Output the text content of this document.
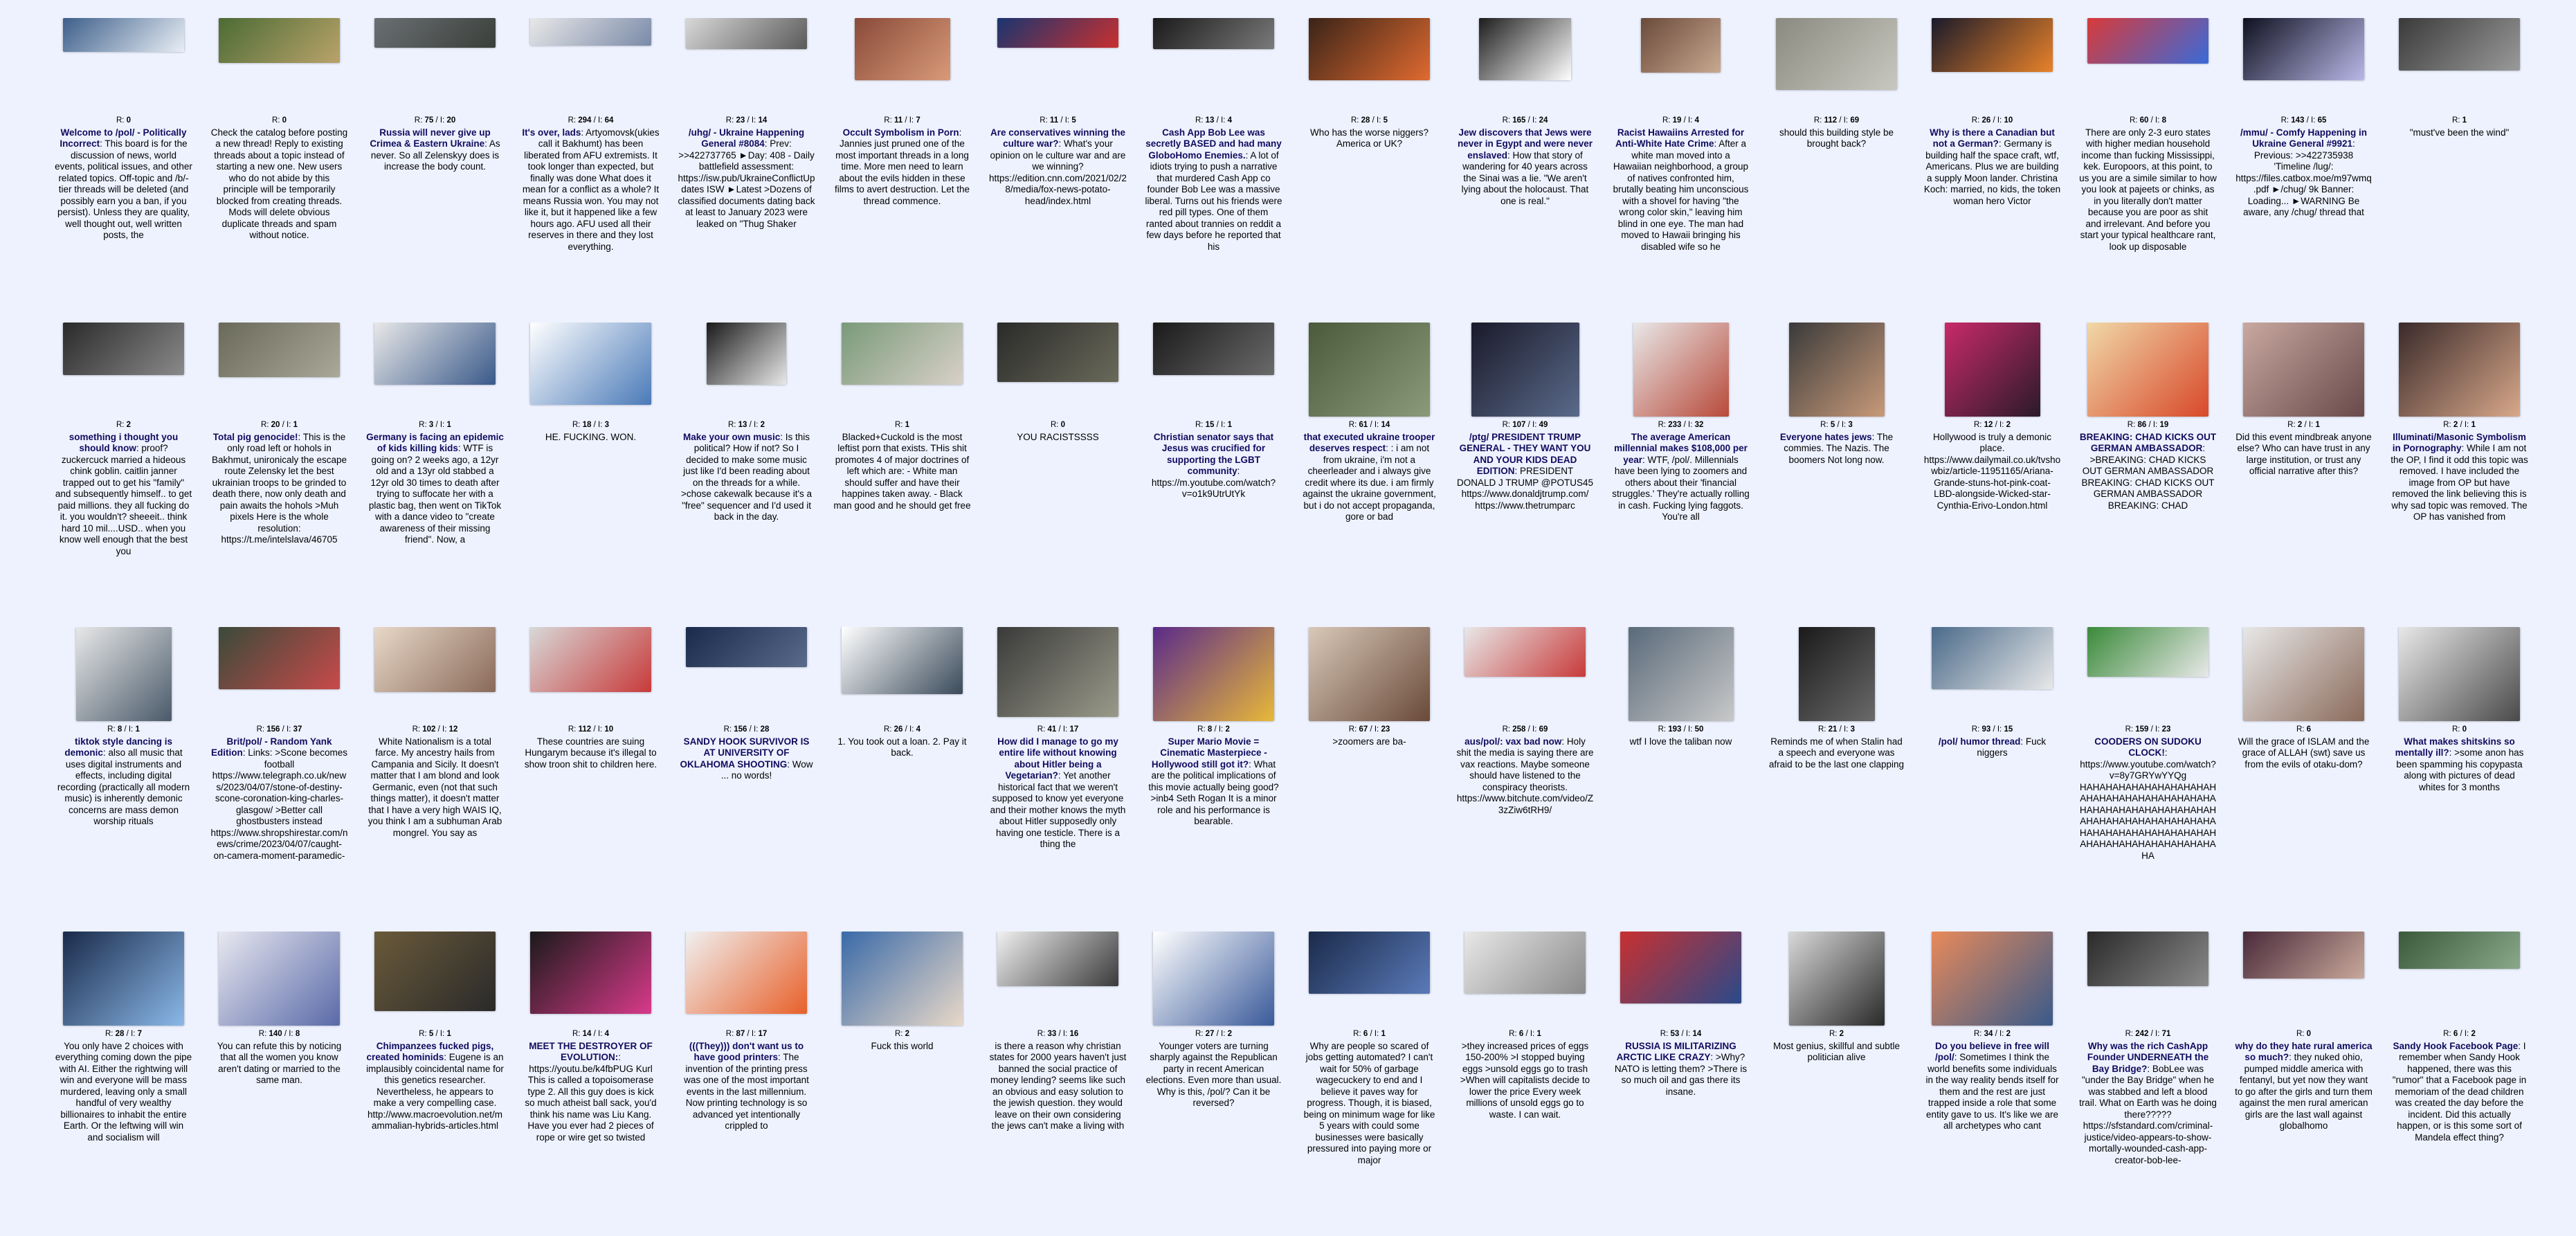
R: 0
Welcome to /pol/ - Politically Incorrect: This board is for the discussion of news, world events, political issues, and other related topics. Off-topic and /b/-tier threads will be deleted (and possibly earn you a ban, if you persist). Unless they are quality, well thought out, well written posts, the
R: 0
Check the catalog before posting a new thread! Reply to existing threads about a topic instead of starting a new one. New users who do not abide by this principle will be temporarily blocked from creating threads. Mods will delete obvious duplicate threads and spam without notice.
R: 75 / I: 20
Russia will never give up Crimea & Eastern Ukraine: As never. So all Zelenskyy does is increase the body count.
R: 294 / I: 64
It's over, lads: Artyomovsk(ukies call it Bakhumt) has been liberated from AFU extremists. It took longer than expected, but finally was done What does it mean for a conflict as a whole? It means Russia won. You may not like it, but it happened like a few hours ago. AFU used all their reserves in there and they lost everything.
R: 23 / I: 14
/uhg/ - Ukraine Happening General #8084: Prev: >>422737765 ►Day: 408 - Daily battlefield assessment: https://isw.pub/UkraineConflictUpdates ISW ►Latest >Dozens of classified documents dating back at least to January 2023 were leaked on "Thug Shaker
R: 11 / I: 7
Occult Symbolism in Porn: Jannies just pruned one of the most important threads in a long time. More men need to learn about the evils hidden in these films to avert destruction. Let the thread commence.
R: 11 / I: 5
Are conservatives winning the culture war?: What's your opinion on le culture war and are we winning? https://edition.cnn.com/2021/02/28/media/fox-news-potato-head/index.html
R: 13 / I: 4
Cash App Bob Lee was secretly BASED and had many GloboHomo Enemies.: A lot of idiots trying to push a narrative that murdered Cash App co founder Bob Lee was a massive liberal. Turns out his friends were red pill types. One of them ranted about trannies on reddit a few days before he reported that his
R: 28 / I: 5
Who has the worse niggers? America or UK?
R: 165 / I: 24
Jew discovers that Jews were never in Egypt and were never enslaved: How that story of wandering for 40 years across the Sinai was a lie. "We aren't lying about the holocaust. That one is real."
R: 19 / I: 4
Racist Hawaiins Arrested for Anti-White Hate Crime: After a white man moved into a Hawaiian neighborhood, a group of natives confronted him, brutally beating him unconscious with a shovel for having "the wrong color skin," leaving him blind in one eye. The man had moved to Hawaii bringing his disabled wife so he
R: 112 / I: 69
should this building style be brought back?
R: 26 / I: 10
Why is there a Canadian but not a German?: Germany is building half the space craft, wtf, Americans. Plus we are building a supply Moon lander. Christina Koch: married, no kids, the token woman hero Victor
R: 60 / I: 8
There are only 2-3 euro states with higher median household income than fucking Mississippi, kek. Europoors, at this point, to us you are a simile similar to how you look at pajeets or chinks, as in you literally don't matter because you are poor as shit and irrelevant. And before you start your typical healthcare rant, look up disposable
R: 143 / I: 65
/mmu/ - Comfy Happening in Ukraine General #9921: Previous: >>422735938 'Timeline /lug/: https://files.catbox.moe/m97wmq.pdf ►/chug/ 9k Banner: Loading... ►WARNING Be aware, any /chug/ thread that
R: 1
"must've been the wind"
R: 2
something i thought you should know: proof? zuckercuck married a hideous chink goblin. caitlin janner trapped out to get his "family" and subsequently himself.. to get paid millions. they all fucking do it. you wouldn't? sheeeit.. think hard 10 mil....USD.. when you know well enough that the best you
R: 20 / I: 1
Total pig genocide!: This is the only road left or hohols in Bakhmut, unironicaly the escape route Zelensky let the best ukrainian troops to be grinded to death there, now only death and pain awaits the hohols >Muh pixels Here is the whole resolution: https://t.me/intelslava/46705
R: 3 / I: 1
Germany is facing an epidemic of kids killing kids: WTF is going on? 2 weeks ago, a 12yr old and a 13yr old stabbed a 12yr old 30 times to death after trying to suffocate her with a plastic bag, then went on TikTok with a dance video to "create awareness of their missing friend". Now, a
R: 18 / I: 3
HE. FUCKING. WON.
R: 13 / I: 2
Make your own music: Is this political? How if not? So I decided to make some music just like I'd been reading about on the threads for a while. >chose cakewalk because it's a "free" sequencer and I'd used it back in the day.
R: 1
Blacked+Cuckold is the most leftist porn that exists. THis shit promotes 4 of major doctrines of left which are: - White man should suffer and have their happines taken away. - Black man good and he should get free
R: 0
YOU RACISTSSSS
R: 15 / I: 1
Christian senator says that Jesus was crucified for supporting the LGBT community: https://m.youtube.com/watch?v=o1k9UtrUtYk
R: 61 / I: 14
that executed ukraine trooper deserves respect: : i am not from ukraine, i'm not a cheerleader and i always give credit where its due. i am firmly against the ukraine government, but i do not accept propaganda, gore or bad
R: 107 / I: 49
/ptg/ PRESIDENT TRUMP GENERAL - THEY WANT YOU AND YOUR KIDS DEAD EDITION: PRESIDENT DONALD J TRUMP @POTUS45 https://www.donaldjtrump.com/ https://www.thetrumparc
R: 233 / I: 32
The average American millennial makes $108,000 per year: WTF, /pol/. Millennials have been lying to zoomers and others about their 'financial struggles.' They're actually rolling in cash. Fucking lying faggots. You're all
R: 5 / I: 3
Everyone hates jews: The commies. The Nazis. The boomers Not long now.
R: 12 / I: 2
Hollywood is truly a demonic place. https://www.dailymail.co.uk/tvshowbiz/article-11951165/Ariana-Grande-stuns-hot-pink-coat-LBD-alongside-Wicked-star-Cynthia-Erivo-London.html
R: 86 / I: 19
BREAKING: CHAD KICKS OUT GERMAN AMBASSADOR: >BREAKING: CHAD KICKS OUT GERMAN AMBASSADOR BREAKING: CHAD KICKS OUT GERMAN AMBASSADOR BREAKING: CHAD
R: 2 / I: 1
Did this event mindbreak anyone else? Who can have trust in any large institution, or trust any official narrative after this?
R: 2 / I: 1
Illuminati/Masonic Symbolism in Pornography: While I am not the OP, I find it odd this topic was removed. I have included the image from OP but have removed the link believing this is why sad topic was removed. The OP has vanished from
R: 8 / I: 1
tiktok style dancing is demonic: also all music that uses digital instruments and effects, including digital recording (practically all modern music) is inherently demonic concerns are mass demon worship rituals
R: 156 / I: 37
Brit/pol/ - Random Yank Edition: Links: >Scone becomes football https://www.telegraph.co.uk/news/2023/04/07/stone-of-destiny-scone-coronation-king-charles-glasgow/ >Better call ghostbusters instead https://www.shropshirestar.com/news/crime/2023/04/07/caught-on-camera-moment-paramedic-
R: 102 / I: 12
White Nationalism is a total farce. My ancestry hails from Campania and Sicily. It doesn't matter that I am blond and look Germanic, even (not that such things matter), it doesn't matter that I have a very high WAIS IQ, you think I am a subhuman Arab mongrel. You say as
R: 112 / I: 10
These countries are suing Hungarym because it's illegal to show troon shit to children here.
R: 156 / I: 28
SANDY HOOK SURVIVOR IS AT UNIVERSITY OF OKLAHOMA SHOOTING: Wow ... no words!
R: 26 / I: 4
1. You took out a loan. 2. Pay it back.
R: 41 / I: 17
How did I manage to go my entire life without knowing about Hitler being a Vegetarian?: Yet another historical fact that we weren't supposed to know yet everyone and their mother knows the myth about Hitler supposedly only having one testicle. There is a thing the
R: 8 / I: 2
Super Mario Movie = Cinematic Masterpiece - Hollywood still got it?: What are the political implications of this movie actually being good? >inb4 Seth Rogan It is a minor role and his performance is bearable.
R: 67 / I: 23
>zoomers are ba-
R: 258 / I: 69
aus/pol/: vax bad now: Holy shit the media is saying there are vax reactions. Maybe someone should have listened to the conspiracy theorists. https://www.bitchute.com/video/Z3zZiw6tRH9/
R: 193 / I: 50
wtf I love the taliban now
R: 21 / I: 3
Reminds me of when Stalin had a speech and everyone was afraid to be the last one clapping
R: 93 / I: 15
/pol/ humor thread: Fuck niggers
R: 159 / I: 23
COODERS ON SUDOKU CLOCK!: https://www.youtube.com/watch?v=8y7GRYwYYQg HAHAHAHAHAHAHAHAHAHAHAHAHAHAHAHAHAHAHAHAHAHAHAHAHAHAHAHAHAHAHAHAHAHAHAHAHAHAHAHAHAHAHAHAHAHAHAHAHAHAHAHAHAHAHAHAHAHAHAHAHAHAHAHA
R: 6
Will the grace of ISLAM and the grace of ALLAH (swt) save us from the evils of otaku-dom?
R: 0
What makes shitskins so mentally ill?: >some anon has been spamming his copypasta along with pictures of dead whites for 3 months
R: 28 / I: 7
You only have 2 choices with everything coming down the pipe with AI. Either the rightwing will win and everyone will be mass murdered, leaving only a small handful of very wealthy billionaires to inhabit the entire Earth. Or the leftwing will win and socialism will
R: 140 / I: 8
You can refute this by noticing that all the women you know aren't dating or married to the same man.
R: 5 / I: 1
Chimpanzees fucked pigs, created hominids: Eugene is an implausibly coincidental name for this genetics researcher. Nevertheless, he appears to make a very compelling case. http://www.macroevolution.net/mammalian-hybrids-articles.html
R: 14 / I: 4
MEET THE DESTROYER OF EVOLUTION:: https://youtu.be/k4fbPUG Kurl This is called a topoisomerase type 2. All this guy does is kick so much atheist ball sack, you'd think his name was Liu Kang. Have you ever had 2 pieces of rope or wire get so twisted
R: 87 / I: 17
(((They))) don't want us to have good printers: The invention of the printing press was one of the most important events in the last millennium. Now printing technology is so advanced yet intentionally crippled to
R: 2
Fuck this world
R: 33 / I: 16
is there a reason why christian states for 2000 years haven't just banned the social practice of money lending? seems like such an obvious and easy solution to the jewish question. they would leave on their own considering the jews can't make a living with
R: 27 / I: 2
Younger voters are turning sharply against the Republican party in recent American elections. Even more than usual. Why is this, /pol/? Can it be reversed?
R: 6 / I: 1
Why are people so scared of jobs getting automated? I can't wait for 50% of garbage wagecuckery to end and I believe it paves way for progress. Though, it is biased, being on minimum wage for like 5 years with could some businesses were basically pressured into paying more or major
R: 6 / I: 1
>they increased prices of eggs 150-200% >I stopped buying eggs >unsold eggs go to trash >When will capitalists decide to lower the price Every week millions of unsold eggs go to waste. I can wait.
R: 53 / I: 14
RUSSIA IS MILITARIZING ARCTIC LIKE CRAZY: >Why? NATO is letting them? >There is so much oil and gas there its insane.
R: 2
Most genius, skillful and subtle politician alive
R: 34 / I: 2
Do you believe in free will /pol/: Sometimes I think the world benefits some individuals in the way reality bends itself for them and the rest are just trapped inside a role that some entity gave to us. It's like we are all archetypes who cant
R: 242 / I: 71
Why was the rich CashApp Founder UNDERNEATH the Bay Bridge?: BobLee was "under the Bay Bridge" when he was stabbed and left a blood trail. What on Earth was he doing there????? https://sfstandard.com/criminal-justice/video-appears-to-show-mortally-wounded-cash-app-creator-bob-lee-
R: 0
why do they hate rural america so much?: they nuked ohio, pumped middle america with fentanyl, but yet now they want to go after the girls and turn them against the men rural american girls are the last wall against globalhomo
R: 6 / I: 2
Sandy Hook Facebook Page: I remember when Sandy Hook happened, there was this "rumor" that a Facebook page in memoriam of the dead children was created the day before the incident. Did this actually happen, or is this some sort of Mandela effect thing?
